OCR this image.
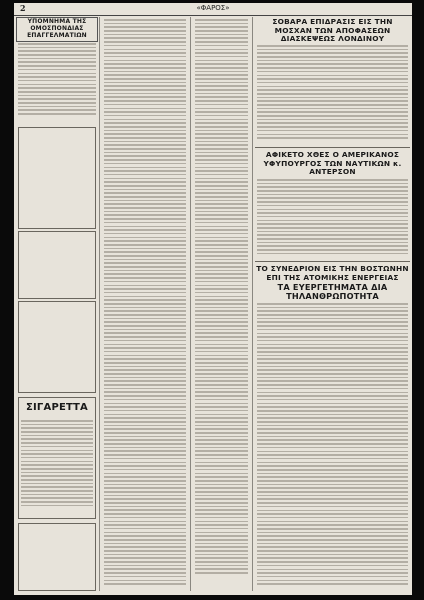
2	«ΦΑΡΟΣ»
ΥΠΟΜΝΗΜΑ ΤΗΣ ΟΜΟΣΠΟΝΔΙΑΣ ΕΠΑΓΓΕΛΜΑΤΙΩΝ
ΣΙΓΑΡΕΤΤΑ
ΣΟΒΑΡΑ ΕΠΙΔΡΑΣΙΣ ΕΙΣ ΤΗΝ ΜΟΣΧΑΝ ΤΩΝ ΑΠΟΦΑΣΕΩΝ ΔΙΑΣΚΕΨΕΩΣ ΛΟΝΔΙΝΟΥ
ΑΦΙΚΕΤΟ ΧΘΕΣ Ο ΑΜΕΡΙΚΑΝΟΣ ΥΦΥΠΟΥΡΓΟΣ ΤΩΝ ΝΑΥΤΙΚΩΝ κ. ΑΝΤΕΡΣΟΝ
ΤΟ ΣΥΝΕΔΡΙΟΝ ΕΙΣ ΤΗΝ ΒΟΣΤΩΝΗΝ ΕΠΙ ΤΗΣ ΑΤΟΜΙΚΗΣ ΕΝΕΡΓΕΙΑΣ
ΤΑ ΕΥΕΡΓΕΤΗΜΑΤΑ ΔΙΑ ΤΗΛΑΝΘΡΩΠΟΤΗΤΑ
